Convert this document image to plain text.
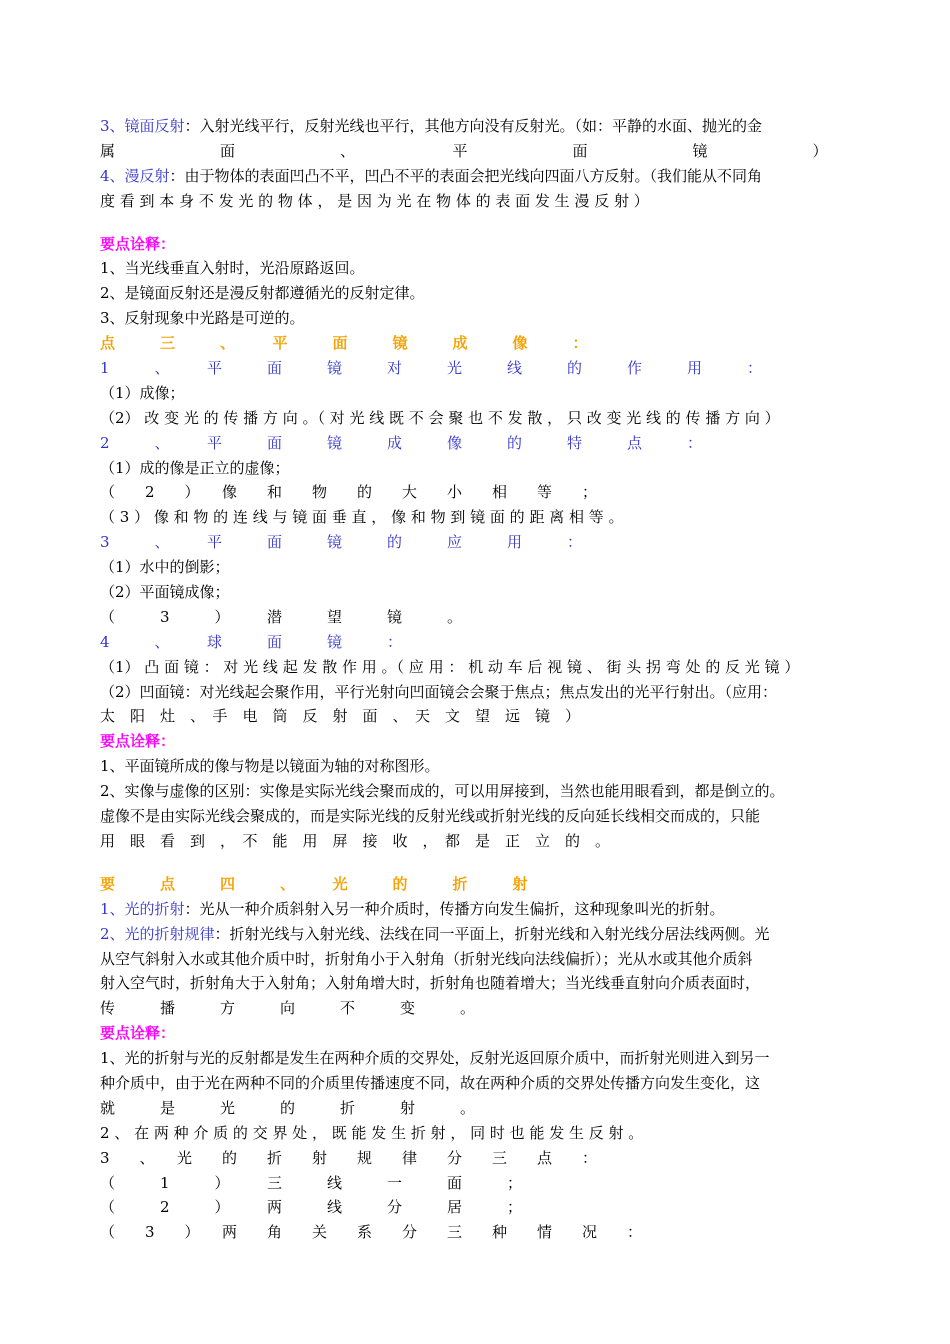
3、镜面反射：入射光线平行，反射光线也平行，其他方向没有反射光。（如：平静的水面、抛光的金
属　　　　　　　面　　　　　　　、　　　　　　　平　　　　　　　面　　　　　　　镜　　　　　　　）
4、漫反射：由于物体的表面凹凸不平，凹凸不平的表面会把光线向四面八方反射。（我们能从不同角
度 看 到 本 身 不 发 光 的 物 体 ， 是 因 为 光 在 物 体 的 表 面 发 生 漫 反 射 ）
要点诠释：
1、当光线垂直入射时，光沿原路返回。
2、是镜面反射还是漫反射都遵循光的反射定律。
3、反射现象中光路是可逆的。
点　　　三　　　、　　　平　　　面　　　镜　　　成　　　像　　　：
1　　　、　　　平　　　面　　　镜　　　对　　　光　　　线　　　的　　　作　　　用　　　：
（1）成像；
（2） 改 变 光 的 传 播 方 向 。（ 对 光 线 既 不 会 聚 也 不 发 散 ， 只 改 变 光 线 的 传 播 方 向 ）
2　　　、　　　平　　　面　　　镜　　　成　　　像　　　的　　　特　　　点　　　：
（1）成的像是正立的虚像；
（　　2　　）　　像　　和　　物　　的　　大　　小　　相　　等　　；
（ 3 ） 像 和 物 的 连 线 与 镜 面 垂 直 ， 像 和 物 到 镜 面 的 距 离 相 等 。
3　　　、　　　平　　　面　　　镜　　　的　　　应　　　用　　　：
（1）水中的倒影；
（2）平面镜成像；
（　　　3　　　）　　　潜　　　望　　　镜　　　。
4　　　、　　　球　　　面　　　镜　　　：
（1） 凸 面 镜 ： 对 光 线 起 发 散 作 用 。（ 应 用 ： 机 动 车 后 视 镜 、 街 头 拐 弯 处 的 反 光 镜 ）
（2）凹面镜：对光线起会聚作用，平行光射向凹面镜会会聚于焦点；焦点发出的光平行射出。（应用：
太　阳　灶　、　手　电　筒　反　射　面　、　天　文　望　远　镜　）
要点诠释：
1、平面镜所成的像与物是以镜面为轴的对称图形。
2、实像与虚像的区别：实像是实际光线会聚而成的，可以用屏接到，当然也能用眼看到，都是倒立的。
虚像不是由实际光线会聚成的，而是实际光线的反射光线或折射光线的反向延长线相交而成的，只能
用　眼　看　到　，　不　能　用　屏　接　收　，　都　是　正　立　的　。
要　　　点　　　四　　　、　　　光　　　的　　　折　　　射
1、光的折射：光从一种介质斜射入另一种介质时，传播方向发生偏折，这种现象叫光的折射。
2、光的折射规律：折射光线与入射光线、法线在同一平面上，折射光线和入射光线分居法线两侧。光
从空气斜射入水或其他介质中时，折射角小于入射角（折射光线向法线偏折）；光从水或其他介质斜
射入空气时，折射角大于入射角；入射角增大时，折射角也随着增大；当光线垂直射向介质表面时，
传　　　播　　　方　　　向　　　不　　　变　　　。
要点诠释：
1、光的折射与光的反射都是发生在两种介质的交界处，反射光返回原介质中，而折射光则进入到另一
种介质中，由于光在两种不同的介质里传播速度不同，故在两种介质的交界处传播方向发生变化，这
就　　　是　　　光　　　的　　　折　　　射　　　。
2 、 在 两 种 介 质 的 交 界 处 ， 既 能 发 生 折 射 ， 同 时 也 能 发 生 反 射 。
3　　、　　光　　的　　折　　射　　规　　律　　分　　三　　点　　：
（　　　1　　　）　　　三　　　线　　　一　　　面　　　；
（　　　2　　　）　　　两　　　线　　　分　　　居　　　；
（　　3　　）　　两　　角　　关　　系　　分　　三　　种　　情　　况　　：
